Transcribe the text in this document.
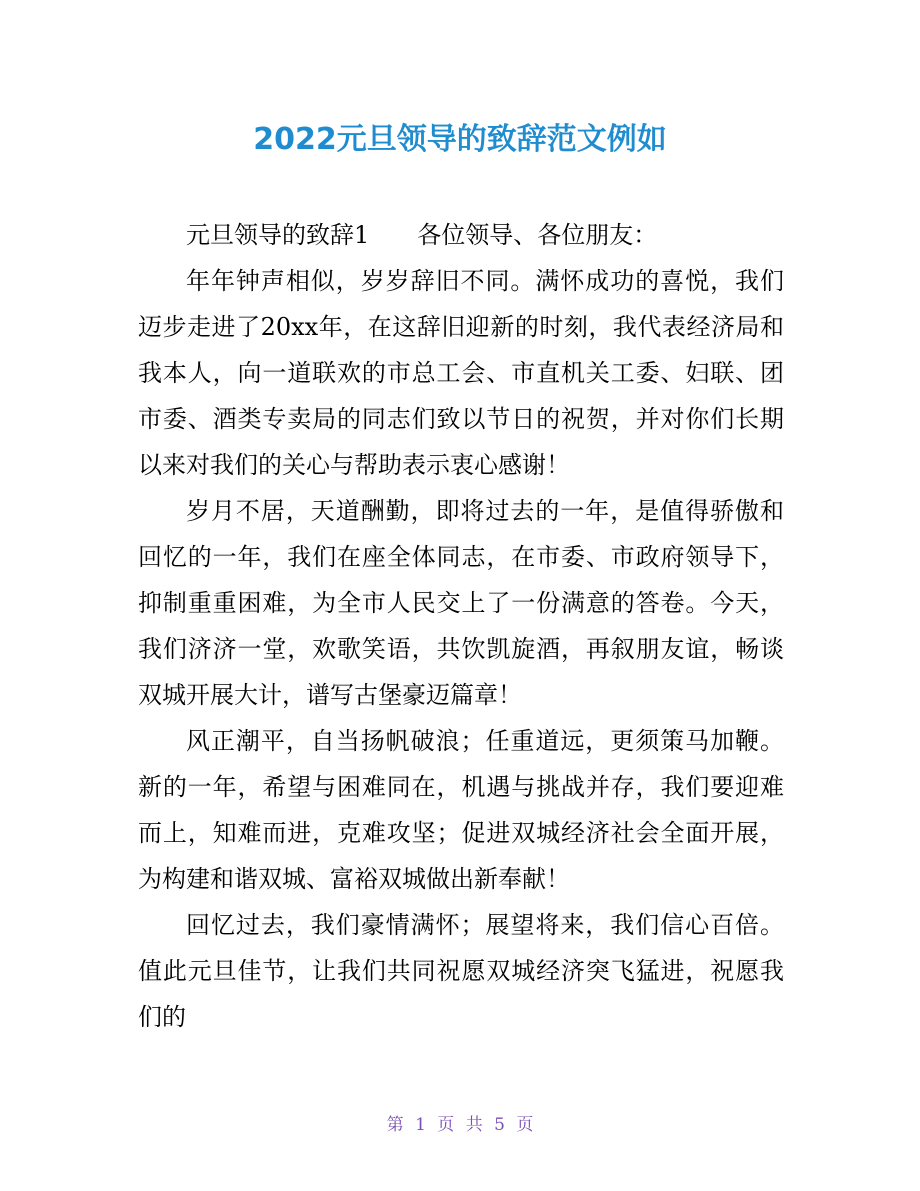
2022元旦领导的致辞范文例如

元旦领导的致辞1 各位领导、各位朋友：

年年钟声相似，岁岁辞旧不同。满怀成功的喜悦，我们迈步走进了20xx年，在这辞旧迎新的时刻，我代表经济局和我本人，向一道联欢的市总工会、市直机关工委、妇联、团市委、酒类专卖局的同志们致以节日的祝贺，并对你们长期以来对我们的关心与帮助表示衷心感谢！

岁月不居，天道酬勤，即将过去的一年，是值得骄傲和回忆的一年，我们在座全体同志，在市委、市政府领导下，抑制重重困难，为全市人民交上了一份满意的答卷。今天，我们济济一堂，欢歌笑语，共饮凯旋酒，再叙朋友谊，畅谈双城开展大计，谱写古堡豪迈篇章！

风正潮平，自当扬帆破浪；任重道远，更须策马加鞭。新的一年，希望与困难同在，机遇与挑战并存，我们要迎难而上，知难而进，克难攻坚；促进双城经济社会全面开展，为构建和谐双城、富裕双城做出新奉献！

回忆过去，我们豪情满怀；展望将来，我们信心百倍。值此元旦佳节，让我们共同祝愿双城经济突飞猛进，祝愿我们的

第 1 页 共 5 页
